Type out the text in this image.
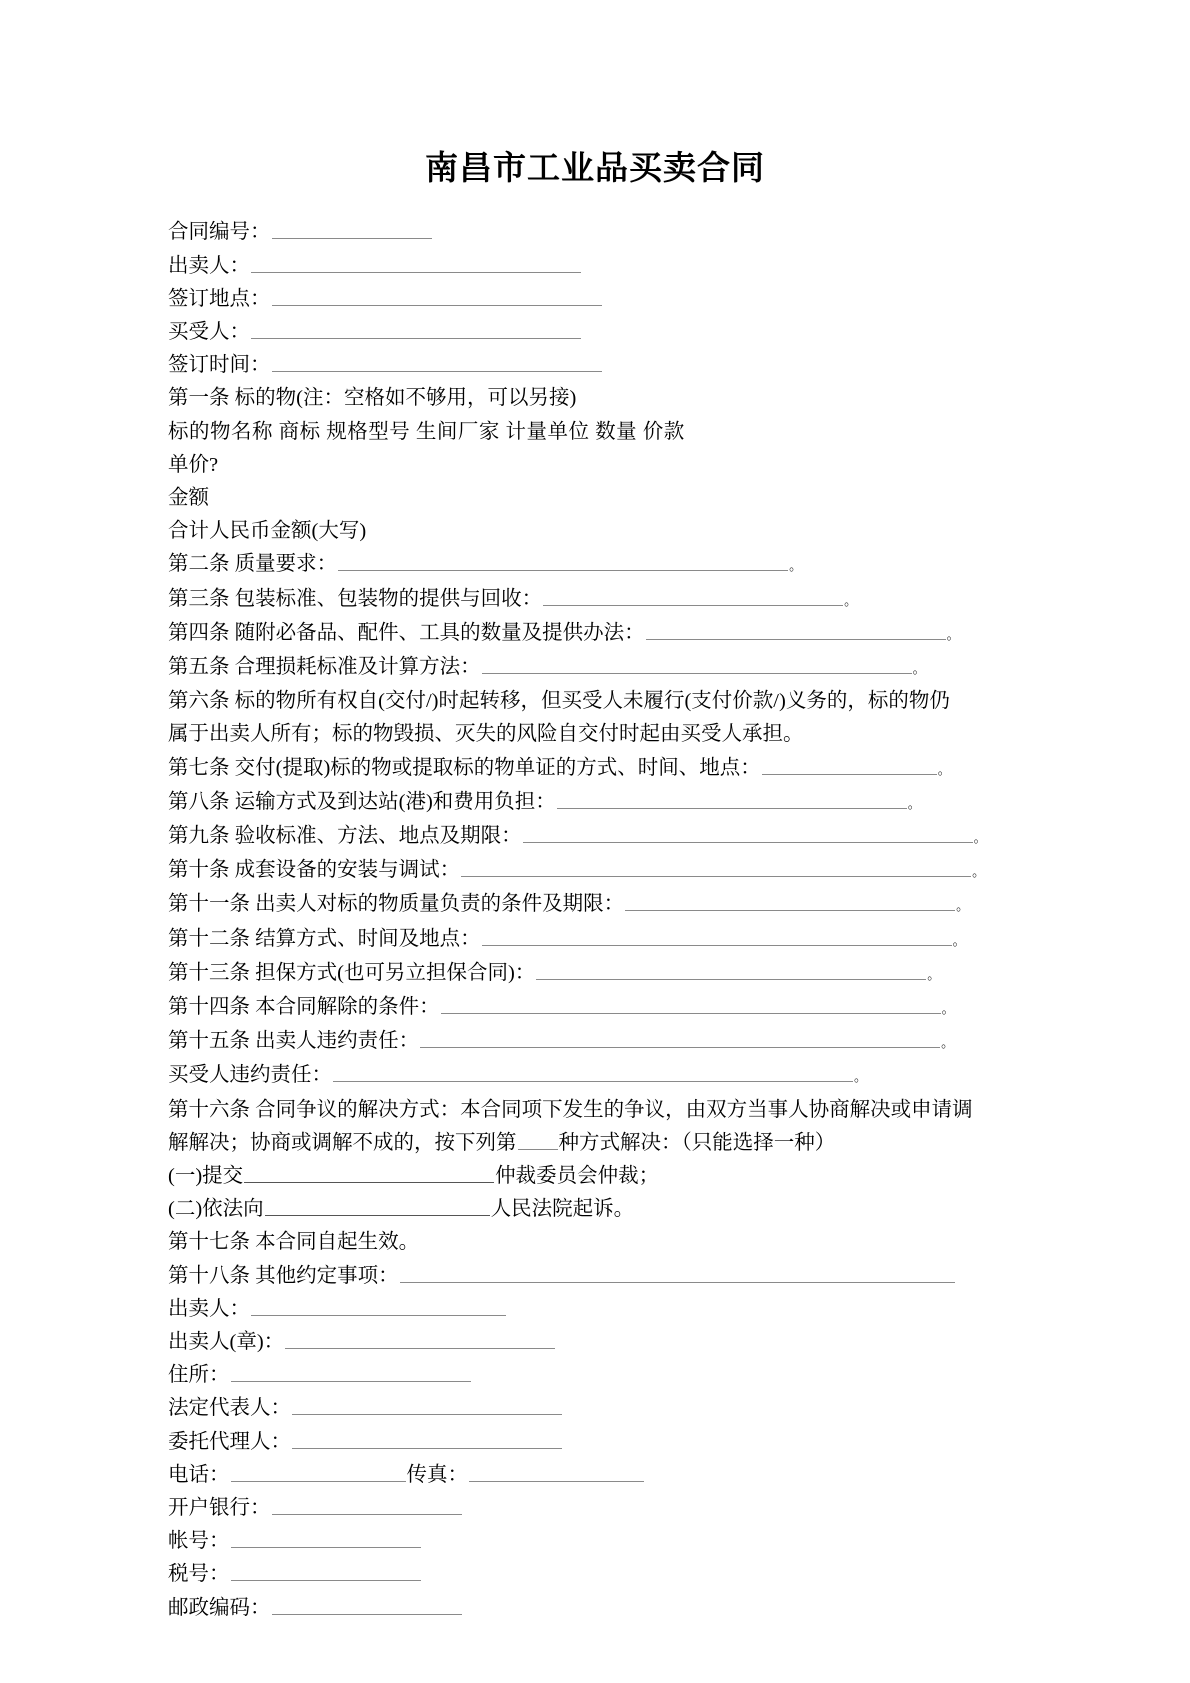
南昌市工业品买卖合同
合同编号：
出卖人：
签订地点：
买受人：
签订时间：
第一条 标的物(注：空格如不够用，可以另接)
标的物名称 商标 规格型号 生间厂家 计量单位 数量 价款
单价?
金额
合计人民币金额(大写)
第二条 质量要求：	。
第三条 包装标准、包装物的提供与回收：	。
第四条 随附必备品、配件、工具的数量及提供办法：	。
第五条 合理损耗标准及计算方法：	。
第六条 标的物所有权自(交付/)时起转移，但买受人未履行(支付价款/)义务的，标的物仍
属于出卖人所有；标的物毁损、灭失的风险自交付时起由买受人承担。
第七条 交付(提取)标的物或提取标的物单证的方式、时间、地点：	。
第八条 运输方式及到达站(港)和费用负担：	。
第九条 验收标准、方法、地点及期限：	。
第十条 成套设备的安装与调试：	。
第十一条 出卖人对标的物质量负责的条件及期限：	。
第十二条 结算方式、时间及地点：	。
第十三条 担保方式(也可另立担保合同)：	。
第十四条 本合同解除的条件：	。
第十五条 出卖人违约责任：	。
买受人违约责任：	。
第十六条 合同争议的解决方式：本合同项下发生的争议，由双方当事人协商解决或申请调
解解决；协商或调解不成的，按下列第 种方式解决：（只能选择一种）
(一)提交	仲裁委员会仲裁；
(二)依法向	人民法院起诉。
第十七条 本合同自起生效。
第十八条 其他约定事项：
出卖人：
出卖人(章)：
住所：
法定代表人：
委托代理人：
电话：	传真：
开户银行：
帐号：
税号：
邮政编码：
